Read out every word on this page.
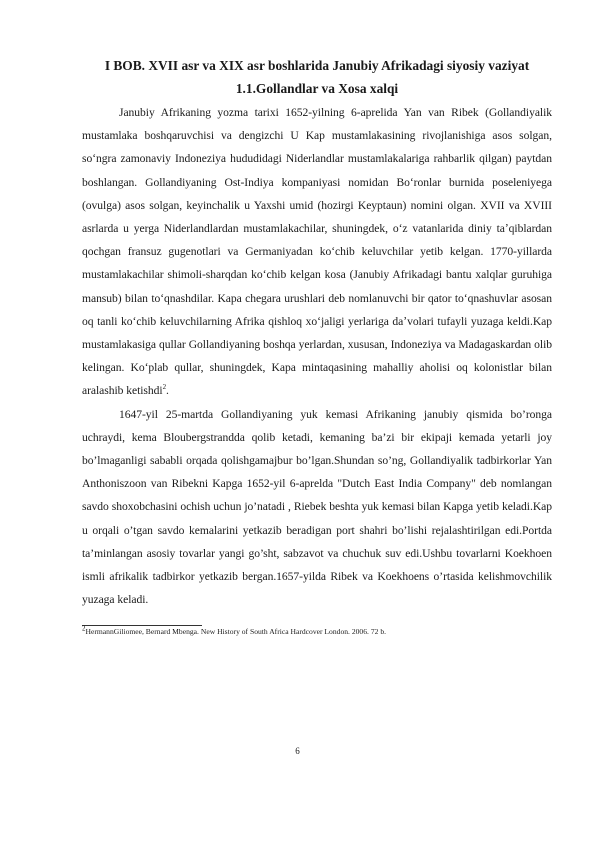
I BOB. XVII asr va XIX asr boshlarida Janubiy Afrikadagi siyosiy vaziyat
1.1.Gollandlar va Xosa xalqi

Janubiy Afrikaning yozma tarixi 1652-yilning 6-aprelida Yan van Ribek (Gollandiyalik mustamlaka boshqaruvchisi va dengizchi U Kap mustamlakasining rivojlanishiga asos solgan, soʻngra zamonaviy Indoneziya hududidagi Niderlandlar mustamlakalariga rahbarlik qilgan) paytdan boshlangan. Gollandiyaning Ost-Indiya kompaniyasi nomidan Boʻronlar burnida poseleniyega (ovulga) asos solgan, keyinchalik u Yaxshi umid (hozirgi Keyptaun) nomini olgan. XVII va XVIII asrlarda u yerga Niderlandlardan mustamlakachilar, shuningdek, oʻz vatanlarida diniy taʼqiblardan qochgan fransuz gugenotlari va Germaniyadan koʻchib keluvchilar yetib kelgan. 1770-yillarda mustamlakachilar shimoli-sharqdan koʻchib kelgan kosa (Janubiy Afrikadagi bantu xalqlar guruhiga mansub) bilan toʻqnashdilar. Kapa chegara urushlari deb nomlanuvchi bir qator toʻqnashuvlar asosan oq tanli koʻchib keluvchilarning Afrika qishloq xoʻjaligi yerlariga daʼvolari tufayli yuzaga keldi.Kap mustamlakasiga qullar Gollandiyaning boshqa yerlardan, xususan, Indoneziya va Madagaskardan olib kelingan. Koʻplab qullar, shuningdek, Kapa mintaqasining mahalliy aholisi oq kolonistlar bilan aralashib ketishdi$^2$.

1647-yil 25-martda Gollandiyaning yuk kemasi Afrikaning janubiy qismida bo’ronga uchraydi, kema Bloubergstrandda qolib ketadi, kemaning ba’zi bir ekipaji kemada yetarli joy bo’lmaganligi sababli orqada qolishgamajbur bo’lgan.Shundan so’ng, Gollandiyalik tadbirkorlar Yan Anthoniszoon van Ribekni Kapga 1652-yil 6-aprelda "Dutch East India Company" deb nomlangan savdo shoxobchasini ochish uchun jo’natadi , Riebek beshta yuk kemasi bilan Kapga yetib keladi.Kap u orqali o’tgan savdo kemalarini yetkazib beradigan port shahri bo’lishi rejalashtirilgan edi.Portda ta’minlangan asosiy tovarlar yangi go’sht, sabzavot va chuchuk suv edi.Ushbu tovarlarni Koekhoen ismli afrikalik tadbirkor yetkazib bergan.1657-yilda Ribek va Koekhoens o’rtasida kelishmovchilik yuzaga keladi.

$^2$HermannGiliomee, Bernard Mbenga. New History of South Africa Hardcover London. 2006. 72 b.

6
